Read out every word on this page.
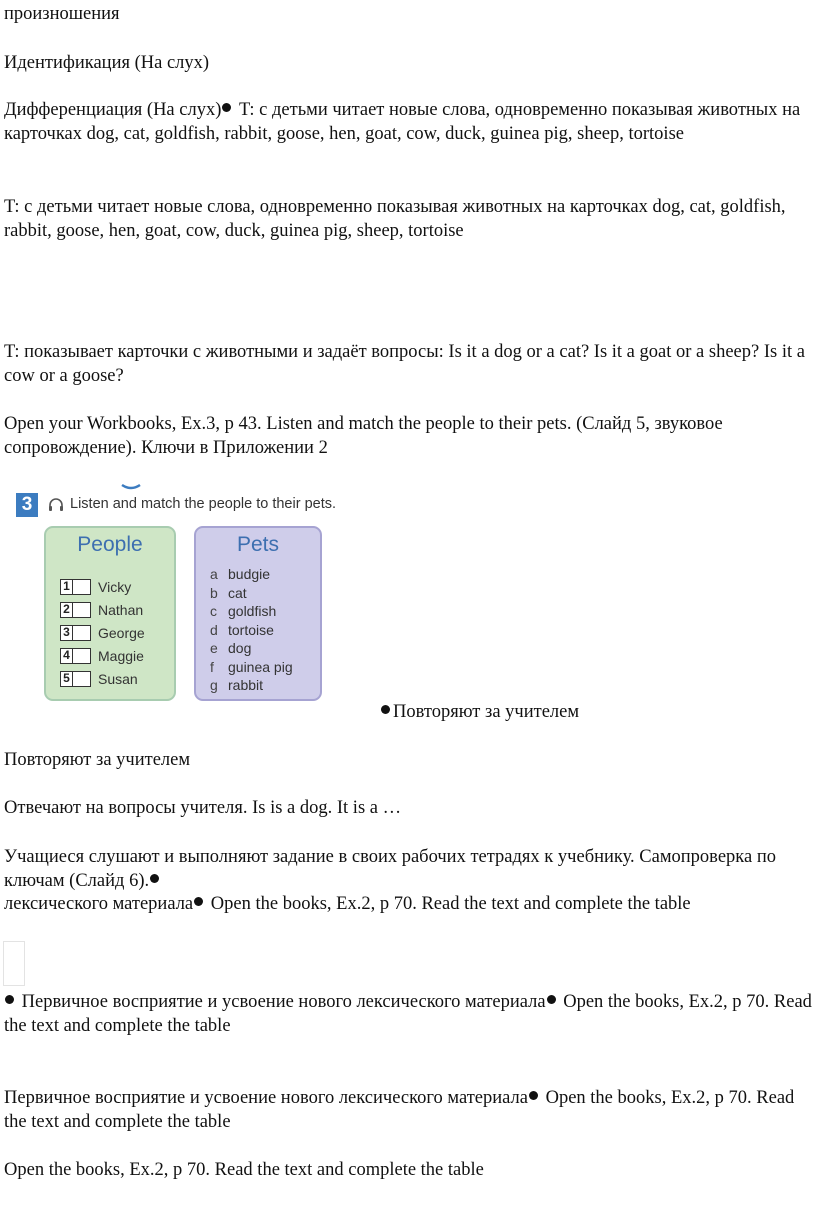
произношения
Идентификация (На слух)
Дифференциация (На слух) T: с детьми читает новые слова, одновременно показывая животных на карточках dog, cat, goldfish, rabbit, goose, hen, goat, cow, duck, guinea pig, sheep, tortoise
T: с детьми читает новые слова, одновременно показывая животных на карточках dog, cat, goldfish, rabbit, goose, hen, goat, cow, duck, guinea pig, sheep, tortoise
T: показывает карточки с животными и задаёт вопросы: Is it a dog or a cat? Is it a goat or a sheep? Is it a cow or a goose?
Open your Workbooks, Ex.3, p 43. Listen and match the people to their pets. (Слайд 5, звуковое сопровождение). Ключи в Приложении 2
3	Listen and match the people to their pets.
People
1 Vicky
2 Nathan
3 George
4 Maggie
5 Susan
Pets
a budgie
b cat
c goldfish
d tortoise
e dog
f guinea pig
g rabbit
Повторяют за учителем
Повторяют за учителем
Отвечают на вопросы учителя. Is is a dog. It is a …
Учащиеся слушают и выполняют задание в своих рабочих тетрадях к учебнику. Самопроверка по ключам (Слайд 6).
лексического материала Open the books, Ex.2, p 70. Read the text and complete the table
Первичное восприятие и усвоение нового лексического материала Open the books, Ex.2, p 70. Read the text and complete the table
Первичное восприятие и усвоение нового лексического материала Open the books, Ex.2, p 70. Read the text and complete the table
Open the books, Ex.2, p 70. Read the text and complete the table
